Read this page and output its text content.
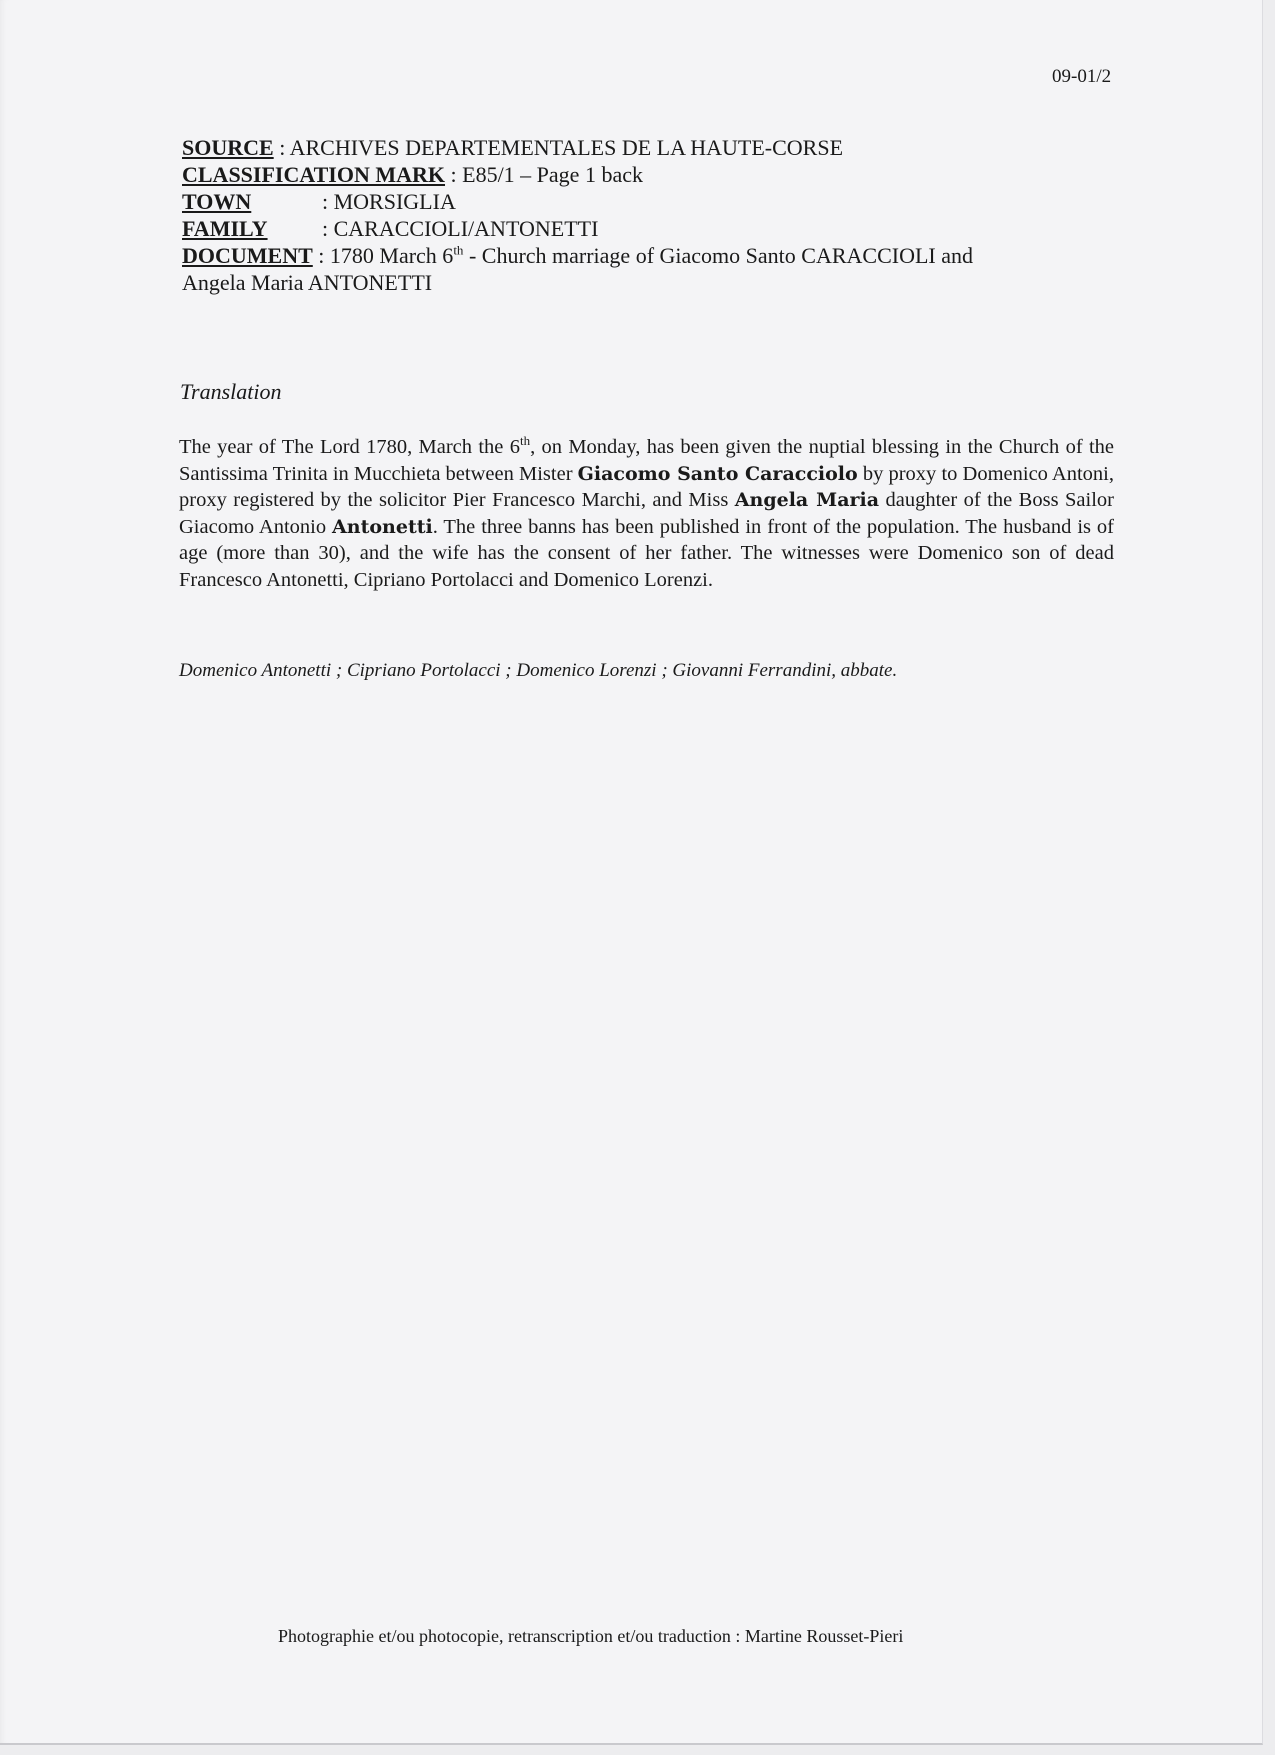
09-01/2
SOURCE : ARCHIVES DEPARTEMENTALES DE LA HAUTE-CORSE
CLASSIFICATION MARK : E85/1 – Page 1 back
TOWN	: MORSIGLIA
FAMILY : CARACCIOLI/ANTONETTI
DOCUMENT : 1780 March 6th - Church marriage of Giacomo Santo CARACCIOLI and
Angela Maria ANTONETTI
Translation
The year of The Lord 1780, March the 6th, on Monday, has been given the nuptial blessing in the Church of the Santissima Trinita in Mucchieta between Mister Giacomo Santo Caracciolo by proxy to Domenico Antoni, proxy registered by the solicitor Pier Francesco Marchi, and Miss Angela Maria daughter of the Boss Sailor Giacomo Antonio Antonetti. The three banns has been published in front of the population. The husband is of age (more than 30), and the wife has the consent of her father. The witnesses were Domenico son of dead Francesco Antonetti, Cipriano Portolacci and Domenico Lorenzi.
Domenico Antonetti ; Cipriano Portolacci ; Domenico Lorenzi ; Giovanni Ferrandini, abbate.
Photographie et/ou photocopie, retranscription et/ou traduction : Martine Rousset-Pieri
